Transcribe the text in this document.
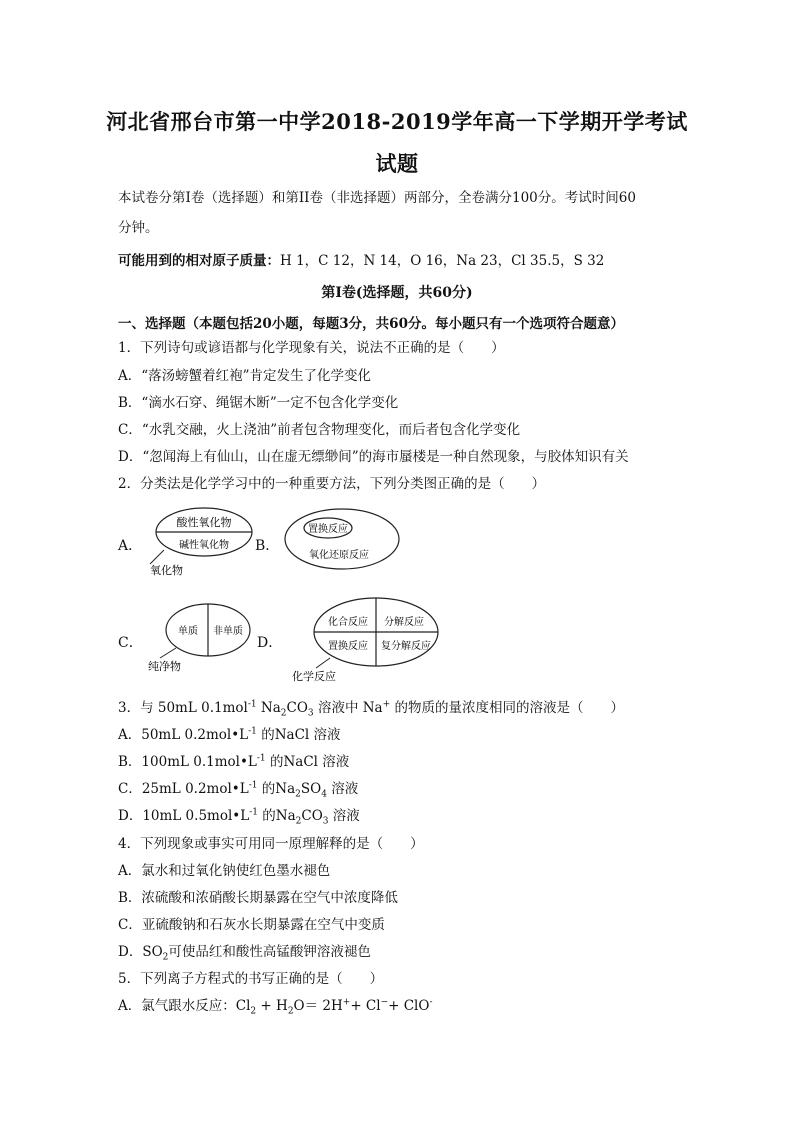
河北省邢台市第一中学2018-2019学年高一下学期开学考试
试题
本试卷分第I卷（选择题）和第II卷（非选择题）两部分，全卷满分100分。考试时间60
分钟。
可能用到的相对原子质量：H 1，C 12，N 14，O 16，Na 23，Cl 35.5，S 32
第Ⅰ卷(选择题，共60分)
一、选择题（本题包括20小题，每题3分，共60分。每小题只有一个选项符合题意）
1．下列诗句或谚语都与化学现象有关，说法不正确的是（　　）
A．“落汤螃蟹着红袍”肯定发生了化学变化
B．“滴水石穿、绳锯木断”一定不包含化学变化
C．“水乳交融，火上浇油”前者包含物理变化，而后者包含化学变化
D．“忽闻海上有仙山，山在虚无缥缈间”的海市蜃楼是一种自然现象，与胶体知识有关
2．分类法是化学学习中的一种重要方法，下列分类图正确的是（　　）
A．	B．
C．	D．
酸性氧化物
碱性氧化物
氧化物
置换反应
氧化还原反应
单质 非单质
纯净物
化合反应 分解反应
置换反应 复分解反应
化学反应
3．与 50mL 0.1mol$^{-1}$ $Na_2CO_3$ 溶液中 Na+ 的物质的量浓度相同的溶液是（　　）
A．50mL $0.2mol•L^{-1}$ 的NaCl 溶液
B．100mL $0.1mol•L^{-1}$ 的NaCl 溶液
C．25mL $0.2mol•L^{-1}$ 的$Na_2SO_4$ 溶液
D．10mL $0.5mol•L^{-1}$ 的$Na_2CO_3$ 溶液
4．下列现象或事实可用同一原理解释的是（　　）
A．氯水和过氧化钠使红色墨水褪色
B．浓硫酸和浓硝酸长期暴露在空气中浓度降低
C．亚硫酸钠和石灰水长期暴露在空气中变质
D．$SO_2$可使品红和酸性高锰酸钾溶液褪色
5．下列离子方程式的书写正确的是（　　）
A．氯气跟水反应：$Cl_2 + H_2O= 2H^++ Cl^-+ ClO^-$
